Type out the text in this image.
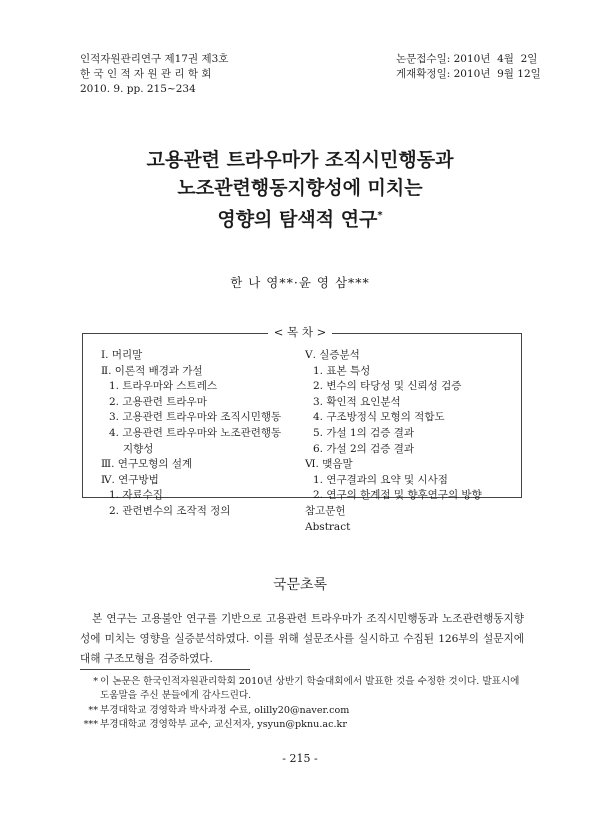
인적자원관리연구 제17권 제3호
한 국 인 적 자 원 관 리 학 회
2010. 9. pp. 215~234
논문접수일: 2010년  4월  2일
게재확정일: 2010년  9월 12일
고용관련 트라우마가 조직시민행동과
노조관련행동지향성에 미치는
영향의 탐색적 연구*
한 나 영**·윤 영 삼***
Ⅰ. 머리말
Ⅱ. 이론적 배경과 가설
1. 트라우마와 스트레스
2. 고용관련 트라우마
3. 고용관련 트라우마와 조직시민행동
4. 고용관련 트라우마와 노조관련행동
지향성
Ⅲ. 연구모형의 설계
Ⅳ. 연구방법
1. 자료수집
2. 관련변수의 조작적 정의
Ⅴ. 실증분석
1. 표본 특성
2. 변수의 타당성 및 신뢰성 검증
3. 확인적 요인분석
4. 구조방정식 모형의 적합도
5. 가설 1의 검증 결과
6. 가설 2의 검증 결과
Ⅵ. 맺음말
1. 연구결과의 요약 및 시사점
2. 연구의 한계점 및 향후연구의 방향
참고문헌
Abstract
< 목 차 >
국문초록
본 연구는 고용불안 연구를 기반으로 고용관련 트라우마가 조직시민행동과 노조관련행동지향성에 미치는 영향을 실증분석하였다. 이를 위해 설문조사를 실시하고 수집된 126부의 설문지에 대해 구조모형을 검증하였다.
* 이 논문은 한국인적자원관리학회 2010년 상반기 학술대회에서 발표한 것을 수정한 것이다. 발표시에 도움말을 주신 분들에게 감사드린다.
** 부경대학교 경영학과 박사과정 수료, olilly20@naver.com
*** 부경대학교 경영학부 교수, 교신저자, ysyun@pknu.ac.kr
- 215 -
